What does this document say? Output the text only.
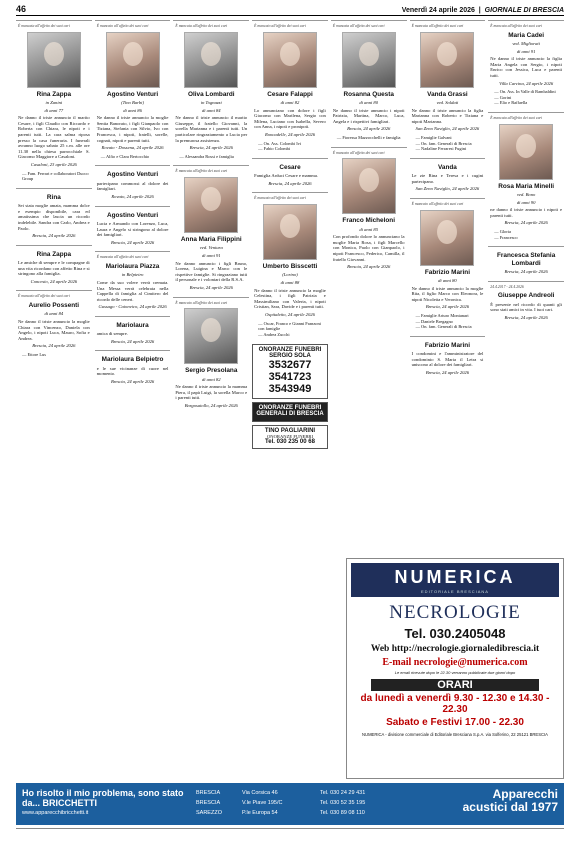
46	Venerdì 24 aprile 2026  |  GIORNALE DI BRESCIA
È mancata all'affetto dei suoi cari
Rina Zappa
in Zanini
di anni 77
Ne danno il triste annuncio il marito Cesare, i figli Claudio con Riccardo e Roberta con Chiara, le nipoti e i parenti tutti. La cara salma riposa presso la casa funeraria. I funerali avranno luogo sabato 25 c.m. alle ore 11.30 nella chiesa parrocchiale S. Giacomo Maggiore a Casaloni.
Casaloni, 23 aprile 2026
— Fam. Ferrari e collaboratori Ducco Group
Rina
Sei stata moglie amata, mamma dolce e esempio disponibile, cara ed amatissima che lascia un ricordo indelebile. Sandra con Carlo, Andrea e Paolo.
Brescia, 24 aprile 2026
Rina Zappa
Le amiche di sempre e le compagne di una vita ricordano con affetto Rina e si stringono alla famiglia.
Concesio, 24 aprile 2026
È mancato all'affetto dei suoi cari
Aurelio Possenti
di anni 84
Ne danno il triste annuncio la moglie Chiara con Vincenzo, Daniela con Angelo, i nipoti Luca, Mauro, Sofia e Andrea.
Brescia, 24 aprile 2026
— Ettore Lus
È mancato all'affetto dei suoi cari
Agostino Venturi
(Tino Barbi)
di anni 86
Ne danno il triste annuncio la moglie Sentia Banorato, i figli Gianpaolo con Tiziana, Stefania con Silvio, Ivo con Francesca, i nipoti, fratelli, sorelle, cognati, nipoti e parenti tutti.
Rovato - Dossena, 24 aprile 2026
— Alfio e Clara Bertocchio
Agostino Venturi
partecipano commossi al dolore dei famigliari.
Rovato, 24 aprile 2026
Agostino Venturi
Lucia e Armando con Lorenzo, Luca, Laura e Angelo si stringono al dolore dei famigliari.
Brescia, 24 aprile 2026
È mancata all'affetto dei suoi cari
Mariolaura Piazza
in Belpietro
Come da suo volere verrà cremata. Una Messa verrà celebrata nella Cappella di famiglia al Cimitero del ricordo delle ceneri.
Gussago - Caionvico, 24 aprile 2026
Mariolaura
amica di sempre.
Brescia, 24 aprile 2026
Mariolaura Belpietro
e le sue vicinanze di cuore nel momento.
Brescia, 24 aprile 2026
È mancata all'affetto dei suoi cari
Oliva Lombardi
in Tognazzi
di anni 84
Ne danno il triste annuncio il marito Giuseppe, il fratello Giovanni, la sorella Marianna e i parenti tutti. Un particolare ringraziamento a Lucia per la premurosa assistenza.
Brescia, 24 aprile 2026
— Alessandra Rossi e famiglia
È mancata all'affetto dei suoi cari
Anna Maria Filippini
ved. Ventura
di anni 91
Ne danno annuncio i figli Bruno, Lorena, Luigina e Marco con le rispettive famiglie. Si ringraziano tutti il personale e i volontari della R.S.A.
Brescia, 24 aprile 2026
È mancato all'affetto dei suoi cari
Sergio Presolana
di anni 82
Ne danno il triste annuncio la mamma Piera, il papà Luigi, la sorella Marco e i parenti tutti.
Borgosatollo, 24 aprile 2026
È mancato all'affetto dei suoi cari
Cesare Falappi
di anni 82
Lo annunciano con dolore i figli Giacomo con Marilena, Sergio con Milena, Luciano con Isabella, Severo con Anna, i nipoti e pronipoti.
Roncadelle, 24 aprile 2026
— On. Ass. Colombi Ivi
— Fabio Colombi
Cesare
Famiglia Arduci Cesare e mamma.
Brescia, 24 aprile 2026
È mancato all'affetto dei suoi cari
Umberto Bisscetti
(Lorino)
di anni 88
Ne danno il triste annuncio la moglie Celestina, i figli Patrizia e Massimiliano con Valeria, i nipoti Cristian, Sara, Davide e i parenti tutti.
Ospitaletto, 24 aprile 2026
— Oscar, Franco e Gianni Franzoni con famiglie
— Andrea Zucchi
ONORANZE FUNEBRI SERGIO SOLA
3532677
3541723
3543949
ONORANZE FUNEBRI GENERALI DI BRESCIA
TINO PAGLIARINI
ONORANZE FUNEBRI
Tel. 030 235 00 68
È mancata all'affetto dei suoi cari
Rosanna Questa
di anni 80
Ne danno il triste annuncio i nipoti Patrizia, Martina, Marco, Luca, Angela e i rispettivi famigliari.
Brescia, 24 aprile 2026
— Fioressa Mazzocchelli e famiglia
È mancato all'affetto dei suoi cari
Franco Micheloni
di anni 85
Con profondo dolore lo annunciano la moglie Maria Rosa, i figli Marcello con Monica, Paolo con Gianpaolo, i nipoti Francesco, Federico, Camilla, il fratello Giovanni.
Brescia, 24 aprile 2026
È mancata all'affetto dei suoi cari
Vanda Grassi
ved. Soldati
Ne danno il triste annuncio la figlia Marianna con Roberto e Tiziana e nipoti Marianna.
San Zeno Naviglio, 24 aprile 2026
— Famiglie Galvani
— On. fam. Generali di Brescia
— Nadaline Ferraresi Fugini
Vanda
Le zie Rina e Teresa e i cugini partecipano.
San Zeno Naviglio, 24 aprile 2026
È mancato all'affetto dei suoi cari
Fabrizio Marini
di anni 80
Ne danno il triste annuncio la moglie Rita, il figlio Marco con Eleonora, le nipoti Nicoletta e Veronica.
Brescia, 24 aprile 2026
— Famiglie Arturo Montanari
— Daniele Bregagno
— On. fam. Generali di Brescia
Fabrizio Marini
I condomini e l'amministratore del condominio S. Maria il Letra si uniscono al dolore dei famigliari.
Brescia, 24 aprile 2026
È mancata all'affetto dei suoi cari
Maria Cadei
ved. Migliorati
di anni 91
Ne danno il triste annuncio la figlia Maria Angela con Sergio, i nipoti Enrico con Jessica, Luca e parenti tutti.
Villa Carcina, 24 aprile 2026
— On. Ass. In Valle di Rambaldini
— Gorini
— Elio e Raffaella
È mancata all'affetto dei suoi cari
Rosa Maria Minelli
ved. Bono
di anni 90
ne danno il triste annuncio i nipoti e parenti tutti.
Brescia, 24 aprile 2026
— Gloria
— Francesco
Francesca Stefania Lombardi
Brescia, 24 aprile 2026
24.4.2017 - 24.4.2026
Giuseppe Andreoli
È presente nel ricordo di quanti gli sono stati amici in vita. I tuoi cari.
Brescia, 24 aprile 2026
NUMERICA
EDITORIALE BRESCIANA
NECROLOGIE
Tel. 030.2405048
Web http://necrologie.giornaledibrescia.it
E-mail necrologie@numerica.com
Le email ricevute dopo le 22.30 verranno pubblicate due giorni dopo
ORARI
da lunedì a venerdì 9.30 - 12.30 e 14.30 - 22.30
Sabato e Festivi 17.00 - 22.30
NUMERICA - divisione commerciale di Editoriale Bresciana S.p.A. via Solferino, 22 25121 BRESCIA
Ho risolto il mio problema, sono stato da... BRICCHETTI
www.apparecchibricchetti.it
BRESCIA	Via Corsica 46	Tel. 030 24 29 431
BRESCIA	V.le Piave 195/C	Tel. 030 52 35 195
SAREZZO	P.le Europa 54	Tel. 030 89 08 110
Apparecchi
acustici dal 1977
